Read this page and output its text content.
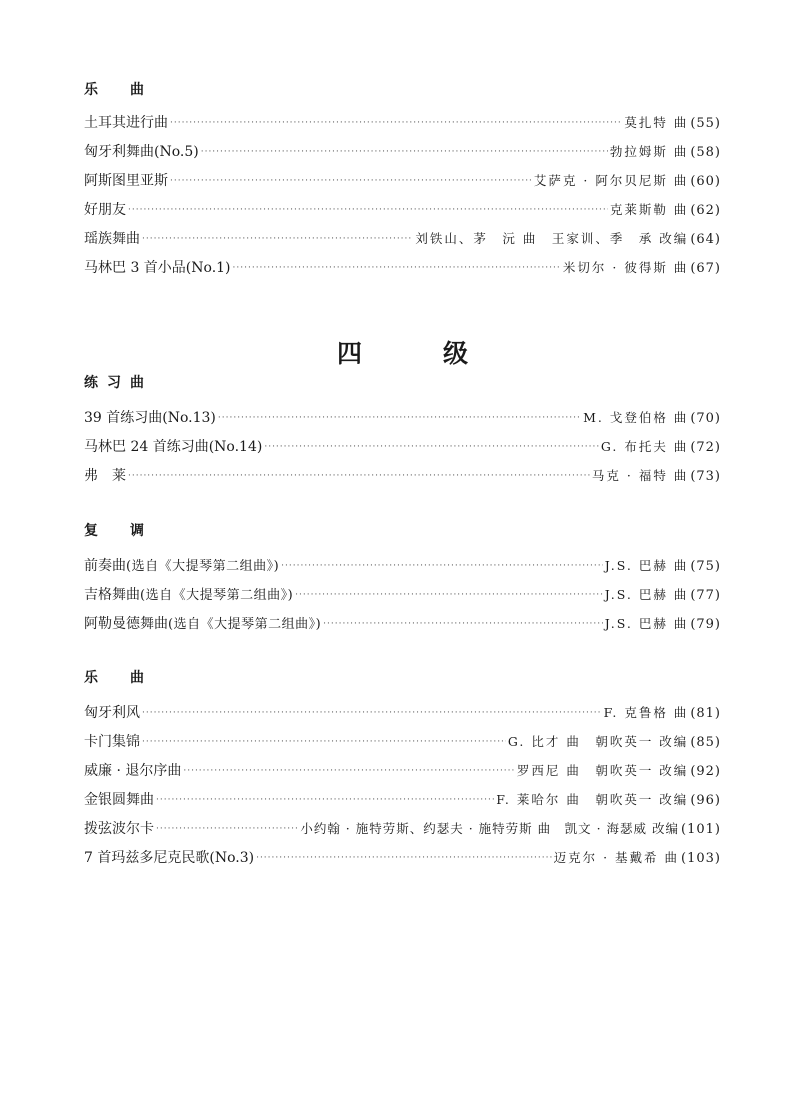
乐　曲
土耳其进行曲 ·····	莫扎特 曲 (55)
匈牙利舞曲(No.5) ·····	勃拉姆斯 曲 (58)
阿斯图里亚斯 ·····	艾萨克 · 阿尔贝尼斯 曲 (60)
好朋友 ·····	克莱斯勒 曲 (62)
瑶族舞曲 ·····	刘铁山、茅　沅 曲　王家训、季　承 改编 (64)
马林巴 3 首小品(No.1) ·····	米切尔 · 彼得斯 曲 (67)
四　级
练习曲
39 首练习曲(No.13) ·····	M. 戈登伯格 曲 (70)
马林巴 24 首练习曲(No.14) ·····	G. 布托夫 曲 (72)
弗　莱 ·····	马克 · 福特 曲 (73)
复　调
前奏曲(选自《大提琴第二组曲》) ·····	J.S. 巴赫 曲 (75)
吉格舞曲(选自《大提琴第二组曲》) ·····	J.S. 巴赫 曲 (77)
阿勒曼德舞曲(选自《大提琴第二组曲》) ·····	J.S. 巴赫 曲 (79)
乐　曲
匈牙利风 ·····	F. 克鲁格 曲 (81)
卡门集锦 ·····	G. 比才 曲　朝吹英一 改编 (85)
威廉 · 退尔序曲 ·····	罗西尼 曲　朝吹英一 改编 (92)
金银圆舞曲 ·····	F. 莱哈尔 曲　朝吹英一 改编 (96)
拨弦波尔卡 ·····	小约翰 · 施特劳斯、约瑟夫 · 施特劳斯 曲　凯文 · 海瑟威 改编 (101)
7 首玛兹多尼克民歌(No.3) ·····	迈克尔 · 基戴希 曲 (103)
